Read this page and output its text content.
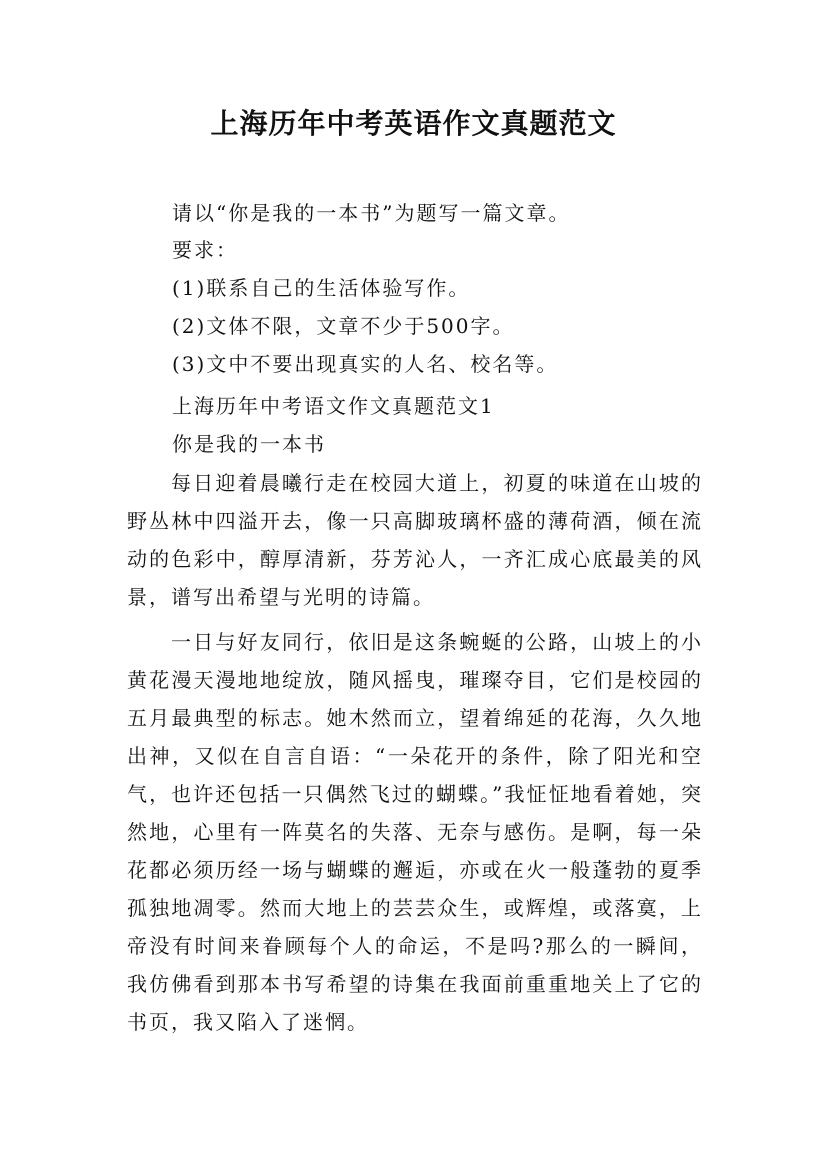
上海历年中考英语作文真题范文

请以“你是我的一本书”为题写一篇文章。

要求：

(1)联系自己的生活体验写作。

(2)文体不限，文章不少于500字。

(3)文中不要出现真实的人名、校名等。

上海历年中考语文作文真题范文1

你是我的一本书

每日迎着晨曦行走在校园大道上，初夏的味道在山坡的野丛林中四溢开去，像一只高脚玻璃杯盛的薄荷酒，倾在流动的色彩中，醇厚清新，芬芳沁人，一齐汇成心底最美的风景，谱写出希望与光明的诗篇。

一日与好友同行，依旧是这条蜿蜒的公路，山坡上的小黄花漫天漫地地绽放，随风摇曳，璀璨夺目，它们是校园的五月最典型的标志。她木然而立，望着绵延的花海，久久地出神，又似在自言自语：“一朵花开的条件，除了阳光和空气，也许还包括一只偶然飞过的蝴蝶。”我怔怔地看着她，突然地，心里有一阵莫名的失落、无奈与感伤。是啊，每一朵花都必须历经一场与蝴蝶的邂逅，亦或在火一般蓬勃的夏季孤独地凋零。然而大地上的芸芸众生，或辉煌，或落寞，上帝没有时间来眷顾每个人的命运，不是吗?那么的一瞬间，我仿佛看到那本书写希望的诗集在我面前重重地关上了它的书页，我又陷入了迷惘。
